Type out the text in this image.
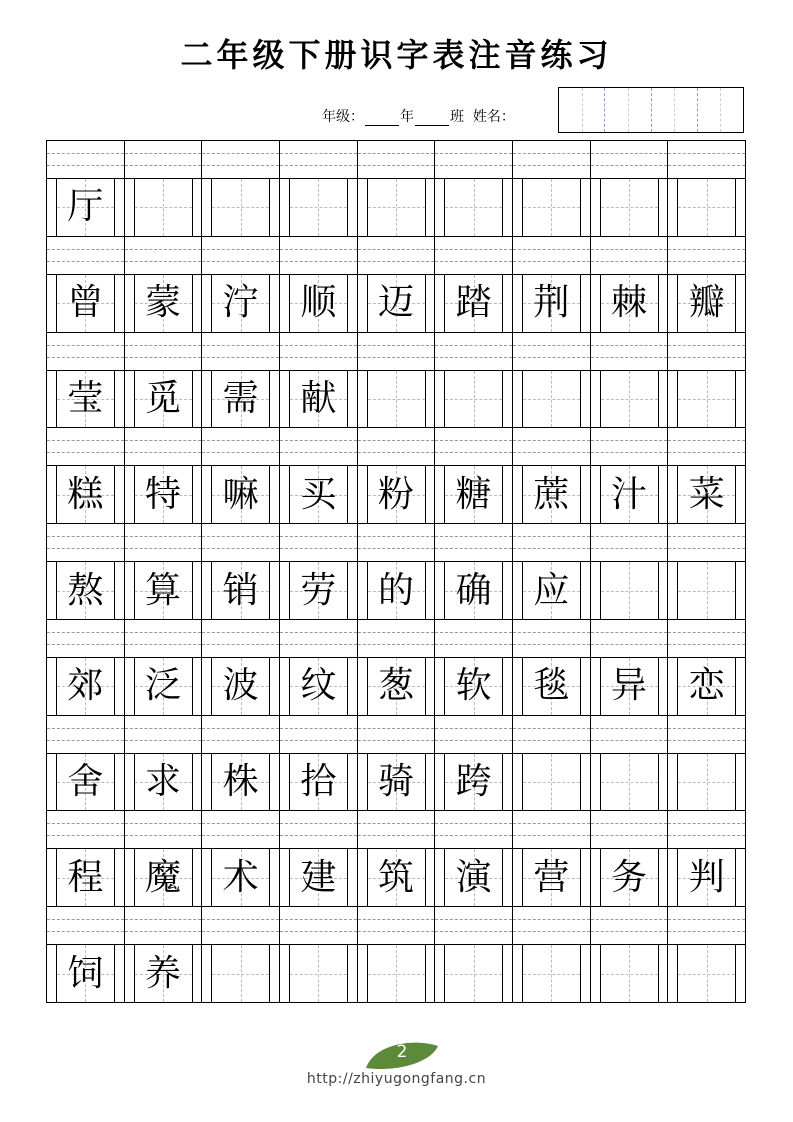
二年级下册识字表注音练习
年级：	年	班 姓名：
厅
曾 蒙 泞 顺 迈 踏 荆 棘 瓣
莹 觅 需 献
糕 特 嘛 买 粉 糖 蔗 汁 菜
熬 算 销 劳 的 确 应
郊 泛 波 纹 葱 软 毯 异 恋
舍 求 株 拾 骑 跨
程 魔 术 建 筑 演 营 务 判
饲 养
2
http://zhiyugongfang.cn
